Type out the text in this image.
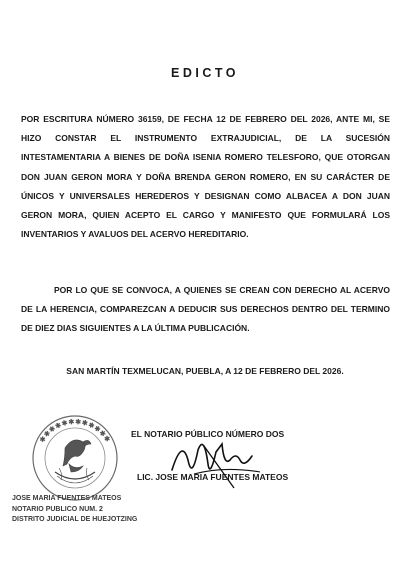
EDICTO
POR ESCRITURA NÚMERO 36159, DE FECHA 12 DE FEBRERO DEL 2026, ANTE MI, SE HIZO CONSTAR EL INSTRUMENTO EXTRAJUDICIAL, DE LA SUCESIÓN INTESTAMENTARIA A BIENES DE DOÑA ISENIA ROMERO TELESFORO, QUE OTORGAN DON JUAN GERON MORA Y DOÑA BRENDA GERON ROMERO, EN SU CARÁCTER DE ÚNICOS Y UNIVERSALES HEREDEROS Y DESIGNAN COMO ALBACEA A DON JUAN GERON MORA, QUIEN ACEPTO EL CARGO Y MANIFESTO QUE FORMULARÁ LOS INVENTARIOS Y AVALUOS DEL ACERVO HEREDITARIO.
POR LO QUE SE CONVOCA, A QUIENES SE CREAN CON DERECHO AL ACERVO DE LA HERENCIA, COMPAREZCAN A DEDUCIR SUS DERECHOS DENTRO DEL TERMINO DE DIEZ DIAS SIGUIENTES A LA ÚLTIMA PUBLICACIÓN.
SAN MARTÍN TEXMELUCAN, PUEBLA, A 12 DE FEBRERO DEL 2026.
✱✱✱✱✱✱✱✱✱✱✱✱
JOSE MARIA FUENTES MATEOS
NOTARIO PUBLICO NUM. 2
DISTRITO JUDICIAL DE HUEJOTZING
EL NOTARIO PÚBLICO NÚMERO DOS
LIC. JOSE MARIA FUENTES MATEOS
